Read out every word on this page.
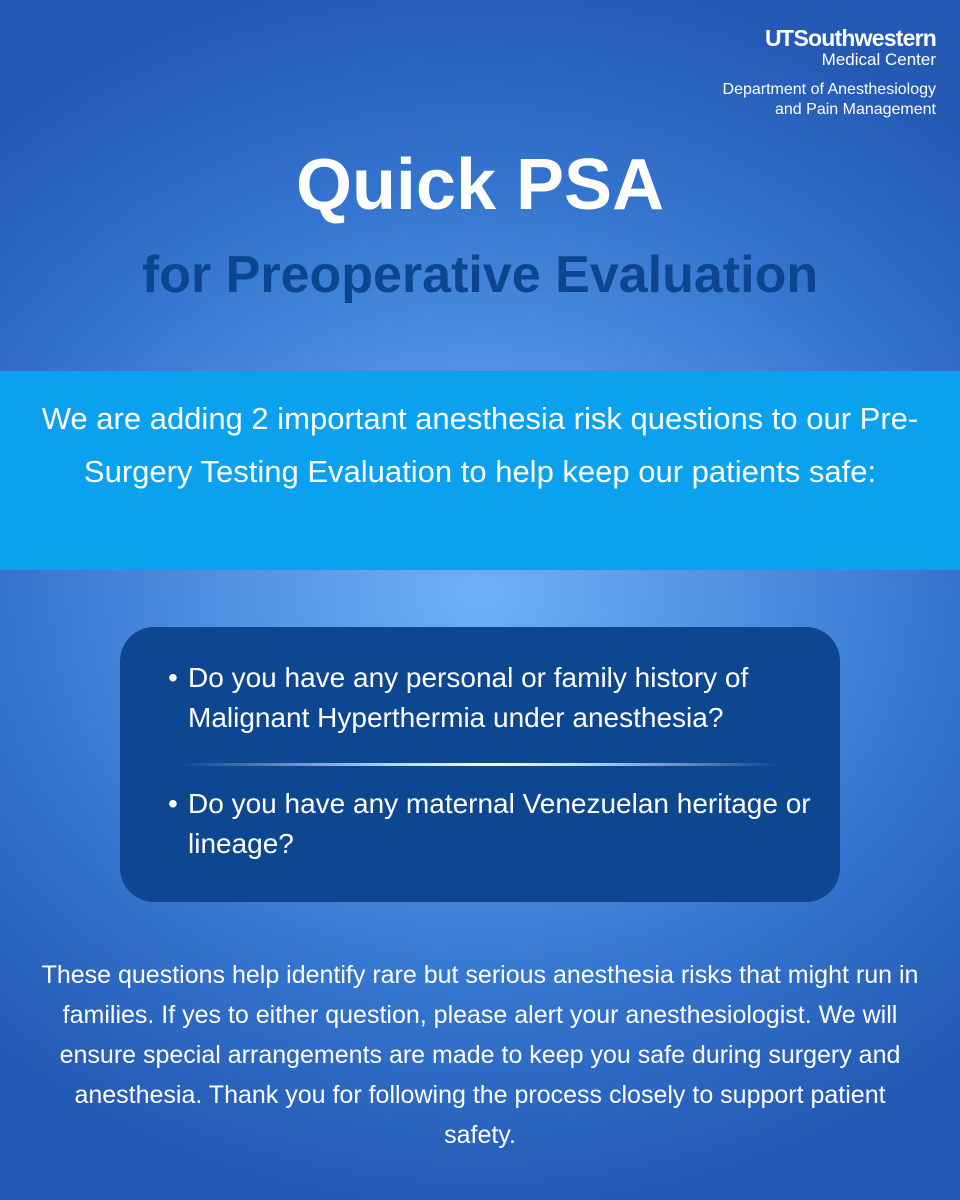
UTSouthwestern
Medical Center
Department of Anesthesiology
and Pain Management
Quick PSA
for Preoperative Evaluation
We are adding 2 important anesthesia risk questions to our Pre-Surgery Testing Evaluation to help keep our patients safe:
• Do you have any personal or family history of Malignant Hyperthermia under anesthesia?
• Do you have any maternal Venezuelan heritage or lineage?
These questions help identify rare but serious anesthesia risks that might run in families. If yes to either question, please alert your anesthesiologist. We will ensure special arrangements are made to keep you safe during surgery and anesthesia. Thank you for following the process closely to support patient safety.
